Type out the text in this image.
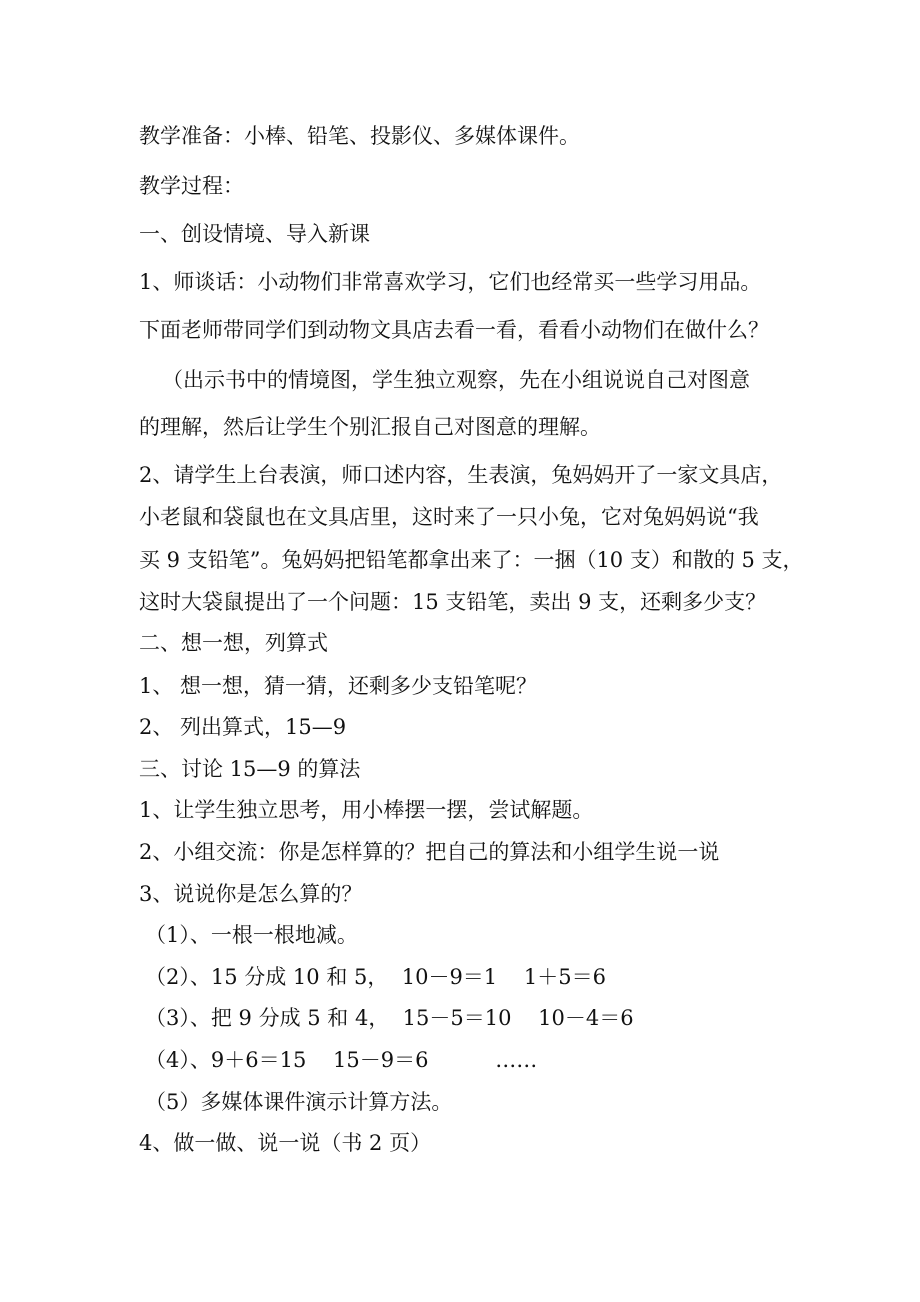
教学准备：小棒、铅笔、投影仪、多媒体课件。
教学过程：
一、创设情境、导入新课
1、师谈话：小动物们非常喜欢学习，它们也经常买一些学习用品。
下面老师带同学们到动物文具店去看一看，看看小动物们在做什么？
（出示书中的情境图，学生独立观察，先在小组说说自己对图意
的理解，然后让学生个别汇报自己对图意的理解。
2、请学生上台表演，师口述内容，生表演，兔妈妈开了一家文具店，
小老鼠和袋鼠也在文具店里，这时来了一只小兔，它对兔妈妈说“我
买 9 支铅笔”。兔妈妈把铅笔都拿出来了：一捆（10 支）和散的 5 支，
这时大袋鼠提出了一个问题：15 支铅笔，卖出 9 支，还剩多少支？
二、想一想，列算式
1、 想一想，猜一猜，还剩多少支铅笔呢？
2、 列出算式，15—9
三、讨论 15—9 的算法
1、让学生独立思考，用小棒摆一摆，尝试解题。
2、小组交流：你是怎样算的？把自己的算法和小组学生说一说
3、说说你是怎么算的？
（1）、一根一根地减。
（2）、15 分成 10 和 5，  10－9＝1    1＋5＝6
（3）、把 9 分成 5 和 4，  15－5＝10    10－4＝6
（4）、9＋6＝15    15－9＝6          ……
（5）多媒体课件演示计算方法。
4、做一做、说一说（书 2 页）
